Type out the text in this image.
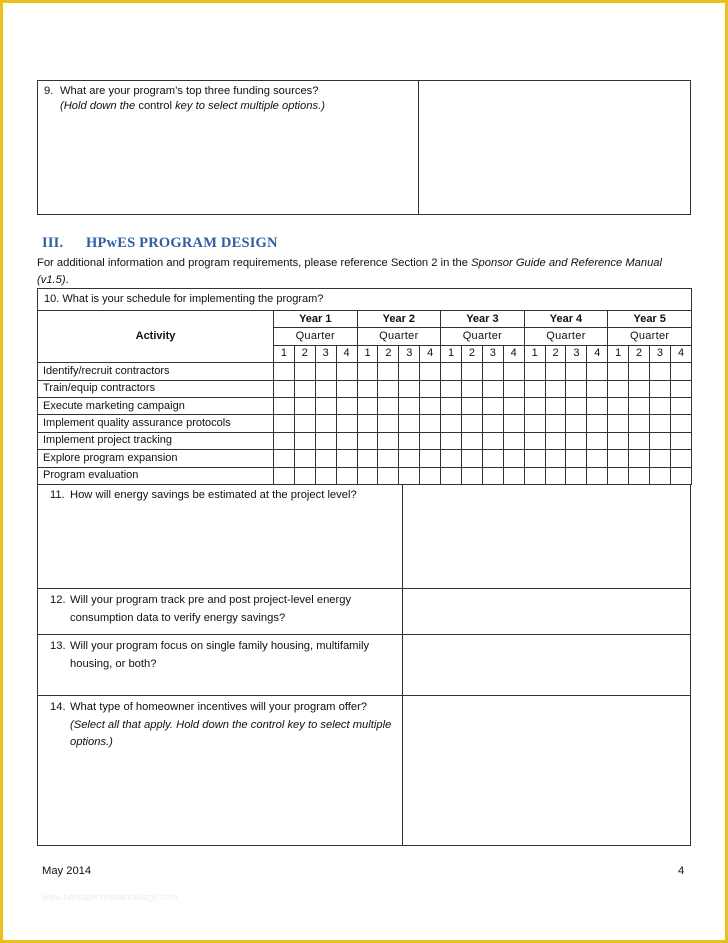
9. What are your program’s top three funding sources?
(Hold down the control key to select multiple options.)
III. HPwES PROGRAM DESIGN
For additional information and program requirements, please reference Section 2 in the Sponsor Guide and Reference Manual (v1.5).
10. What is your schedule for implementing the program?																				
Activity	Year 1				Year 2				Year 3				Year 4				Year 5			
	Quarter				Quarter				Quarter				Quarter				Quarter			
	1	2	3	4	1	2	3	4	1	2	3	4	1	2	3	4	1	2	3	4
Identify/recruit contractors																				
Train/equip contractors																				
Execute marketing campaign																				
Implement quality assurance protocols																				
Implement project tracking																				
Explore program expansion																				
Program evaluation																				
11. How will energy savings be estimated at the project level?
12. Will your program track pre and post project-level energy consumption data to verify energy savings?
13. Will your program focus on single family housing, multifamily housing, or both?
14. What type of homeowner incentives will your program offer? (Select all that apply. Hold down the control key to select multiple options.)
May 2014	4
www.heritagechristiancollege.com
